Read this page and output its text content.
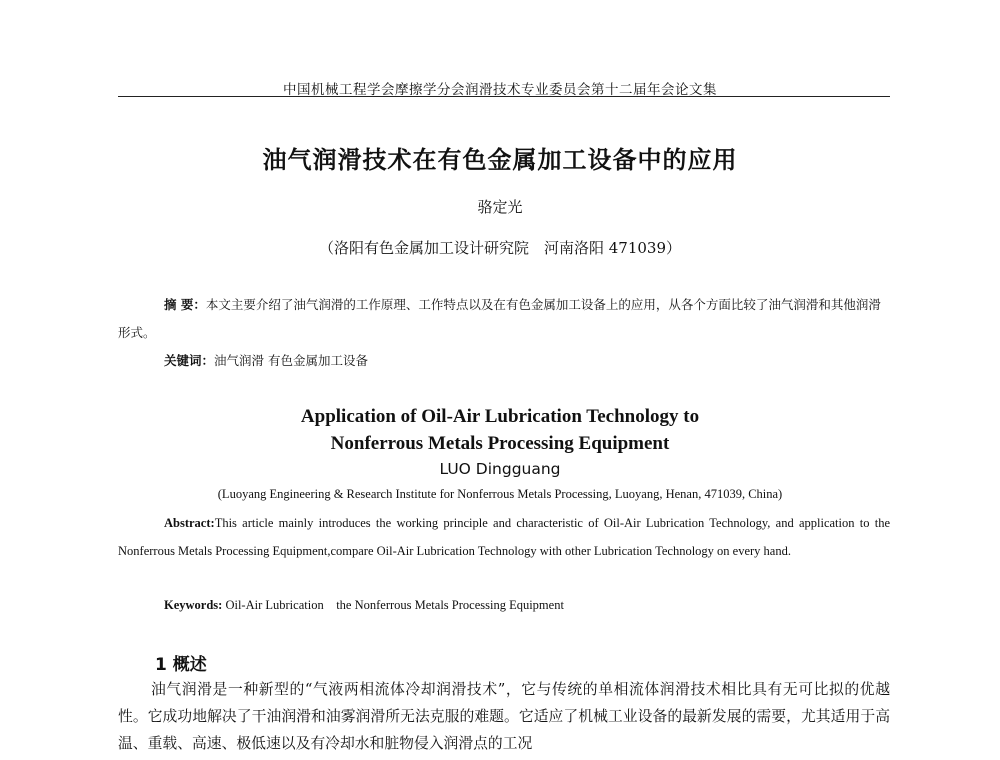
中国机械工程学会摩擦学分会润滑技术专业委员会第十二届年会论文集
油气润滑技术在有色金属加工设备中的应用
骆定光
（洛阳有色金属加工设计研究院　河南洛阳 471039）
摘 要：本文主要介绍了油气润滑的工作原理、工作特点以及在有色金属加工设备上的应用，从各个方面比较了油气润滑和其他润滑形式。
关键词：油气润滑 有色金属加工设备
Application of Oil-Air Lubrication Technology to
Nonferrous Metals Processing Equipment
LUO Dingguang
(Luoyang Engineering & Research Institute for Nonferrous Metals Processing, Luoyang, Henan, 471039, China)
Abstract:This article mainly introduces the working principle and characteristic of Oil-Air Lubrication Technology, and application to the Nonferrous Metals Processing Equipment,compare Oil-Air Lubrication Technology with other Lubrication Technology on every hand.
Keywords: Oil-Air Lubrication　the Nonferrous Metals Processing Equipment
1 概述
油气润滑是一种新型的“气液两相流体冷却润滑技术”，它与传统的单相流体润滑技术相比具有无可比拟的优越性。它成功地解决了干油润滑和油雾润滑所无法克服的难题。它适应了机械工业设备的最新发展的需要，尤其适用于高温、重载、高速、极低速以及有冷却水和脏物侵入润滑点的工况
